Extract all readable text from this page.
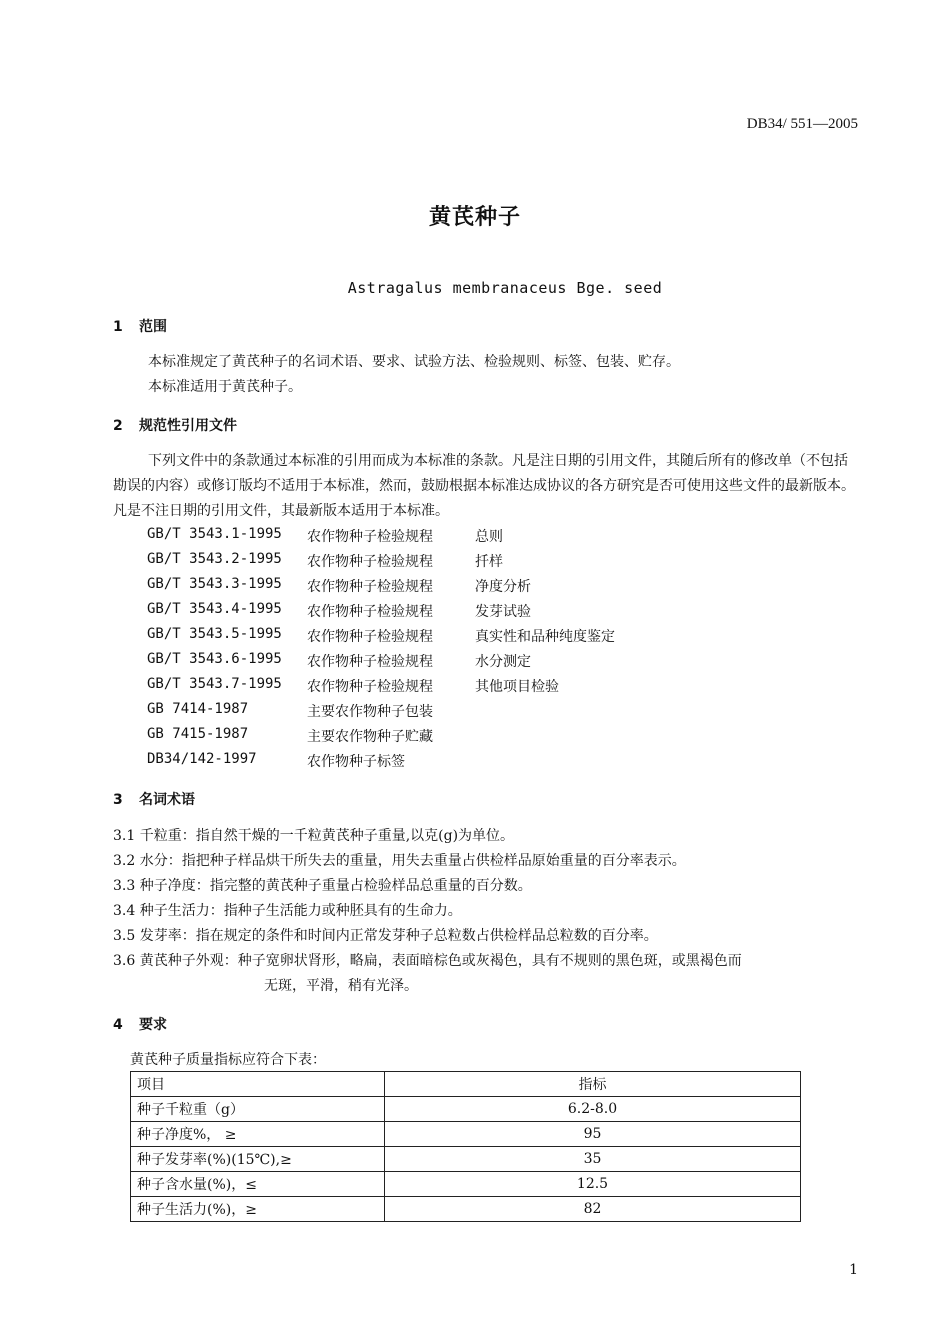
DB34/ 551—2005
黄芪种子
Astragalus membranaceus Bge. seed
1 范围
本标准规定了黄芪种子的名词术语、要求、试验方法、检验规则、标签、包装、贮存。
本标准适用于黄芪种子。
2 规范性引用文件
下列文件中的条款通过本标准的引用而成为本标准的条款。凡是注日期的引用文件，其随后所有的修改单（不包括勘误的内容）或修订版均不适用于本标准，然而，鼓励根据本标准达成协议的各方研究是否可使用这些文件的最新版本。凡是不注日期的引用文件，其最新版本适用于本标准。
GB/T 3543.1-1995 农作物种子检验规程	总则
GB/T 3543.2-1995 农作物种子检验规程	扦样
GB/T 3543.3-1995 农作物种子检验规程	净度分析
GB/T 3543.4-1995 农作物种子检验规程	发芽试验
GB/T 3543.5-1995 农作物种子检验规程	真实性和品种纯度鉴定
GB/T 3543.6-1995 农作物种子检验规程	水分测定
GB/T 3543.7-1995 农作物种子检验规程	其他项目检验
GB 7414-1987	主要农作物种子包装
GB 7415-1987	主要农作物种子贮藏
DB34/142-1997	农作物种子标签
3 名词术语
3.1 千粒重：指自然干燥的一千粒黄芪种子重量,以克(g)为单位。
3.2 水分：指把种子样品烘干所失去的重量，用失去重量占供检样品原始重量的百分率表示。
3.3 种子净度：指完整的黄芪种子重量占检验样品总重量的百分数。
3.4 种子生活力：指种子生活能力或种胚具有的生命力。
3.5 发芽率：指在规定的条件和时间内正常发芽种子总粒数占供检样品总粒数的百分率。
3.6 黄芪种子外观：种子宽卵状肾形，略扁，表面暗棕色或灰褐色，具有不规则的黑色斑，或黑褐色而
无斑，平滑，稍有光泽。
4 要求
黄芪种子质量指标应符合下表：
项目	指标
种子千粒重（g）	6.2-8.0
种子净度%， ≥	95
种子发芽率(%)(15℃),≥	35
种子含水量(%)，≤	12.5
种子生活力(%)，≥	82
1
